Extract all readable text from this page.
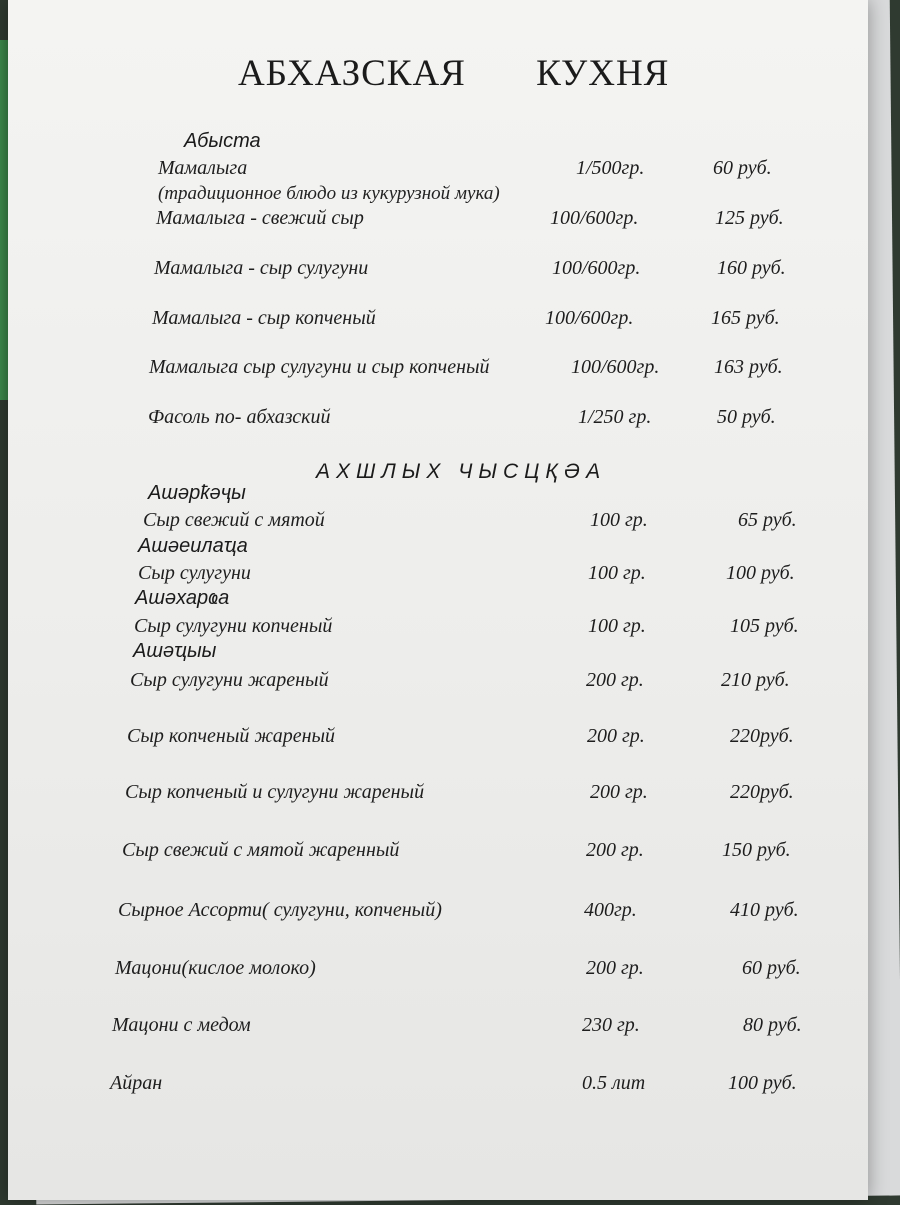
АБХАЗСКАЯ КУХНЯ
Абыста
Мамалыга	1/500гр.	60 руб.
(традиционное блюдо из кукурузной мука)
Мамалыга - свежий сыр	100/600гр.	125 руб.
Мамалыга - сыр сулугуни	100/600гр.	160 руб.
Мамалыга - сыр копченый	100/600гр.	165 руб.
Мамалыга сыр сулугуни и сыр копченый	100/600гр.	163 руб.
Фасоль по- абхазский	1/250 гр.	50 руб.
АХШЛЫХ ЧЫСЦҚӘА
Ашәрҟәҷы
Сыр свежий с мятой	100 гр.	65 руб.
Ашәеилаҵа
Сыр сулугуни	100 гр.	100 руб.
Ашәхарҩа
Сыр сулугуни копченый	100 гр.	105 руб.
Ашәҵыы
Сыр сулугуни жареный	200 гр.	210 руб.
Сыр копченый жареный	200 гр.	220руб.
Сыр копченый и сулугуни жареный	200 гр.	220руб.
Сыр свежий с мятой жаренный	200 гр.	150 руб.
Сырное Ассорти( сулугуни, копченый)	400гр.	410 руб.
Мацони(кислое молоко)	200 гр.	60 руб.
Мацони с медом	230 гр.	80 руб.
Айран	0.5 лит	100 руб.
